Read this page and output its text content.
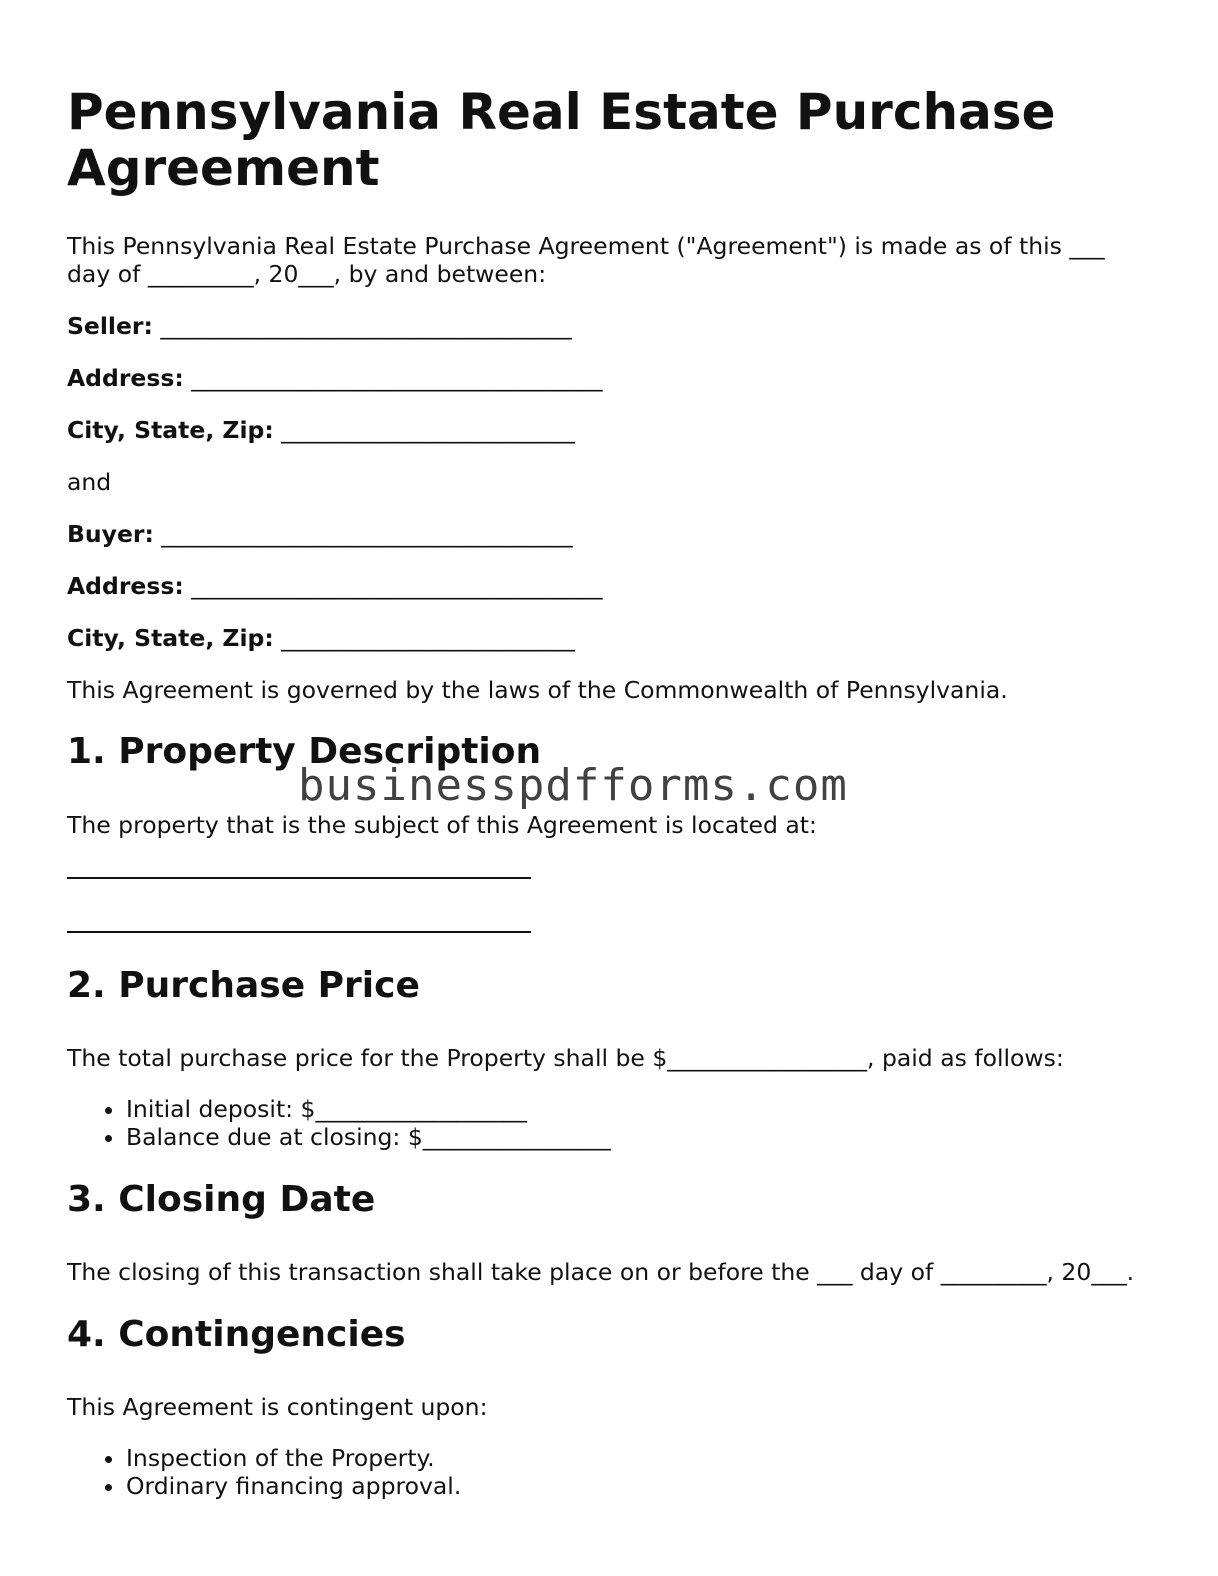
Pennsylvania Real Estate Purchase Agreement

This Pennsylvania Real Estate Purchase Agreement ("Agreement") is made as of this ___ day of _________, 20___, by and between:

Seller: ___________________________________

Address: ___________________________________

City, State, Zip: _________________________

and

Buyer: ___________________________________

Address: ___________________________________

City, State, Zip: _________________________

This Agreement is governed by the laws of the Commonwealth of Pennsylvania.

1. Property Description

The property that is the subject of this Agreement is located at:

2. Purchase Price

The total purchase price for the Property shall be $_________________, paid as follows:

• Initial deposit: $__________________
• Balance due at closing: $________________
3. Closing Date

The closing of this transaction shall take place on or before the ___ day of _________, 20___.

4. Contingencies

This Agreement is contingent upon:

• Inspection of the Property.
• Ordinary financing approval.
businesspdfforms.com
